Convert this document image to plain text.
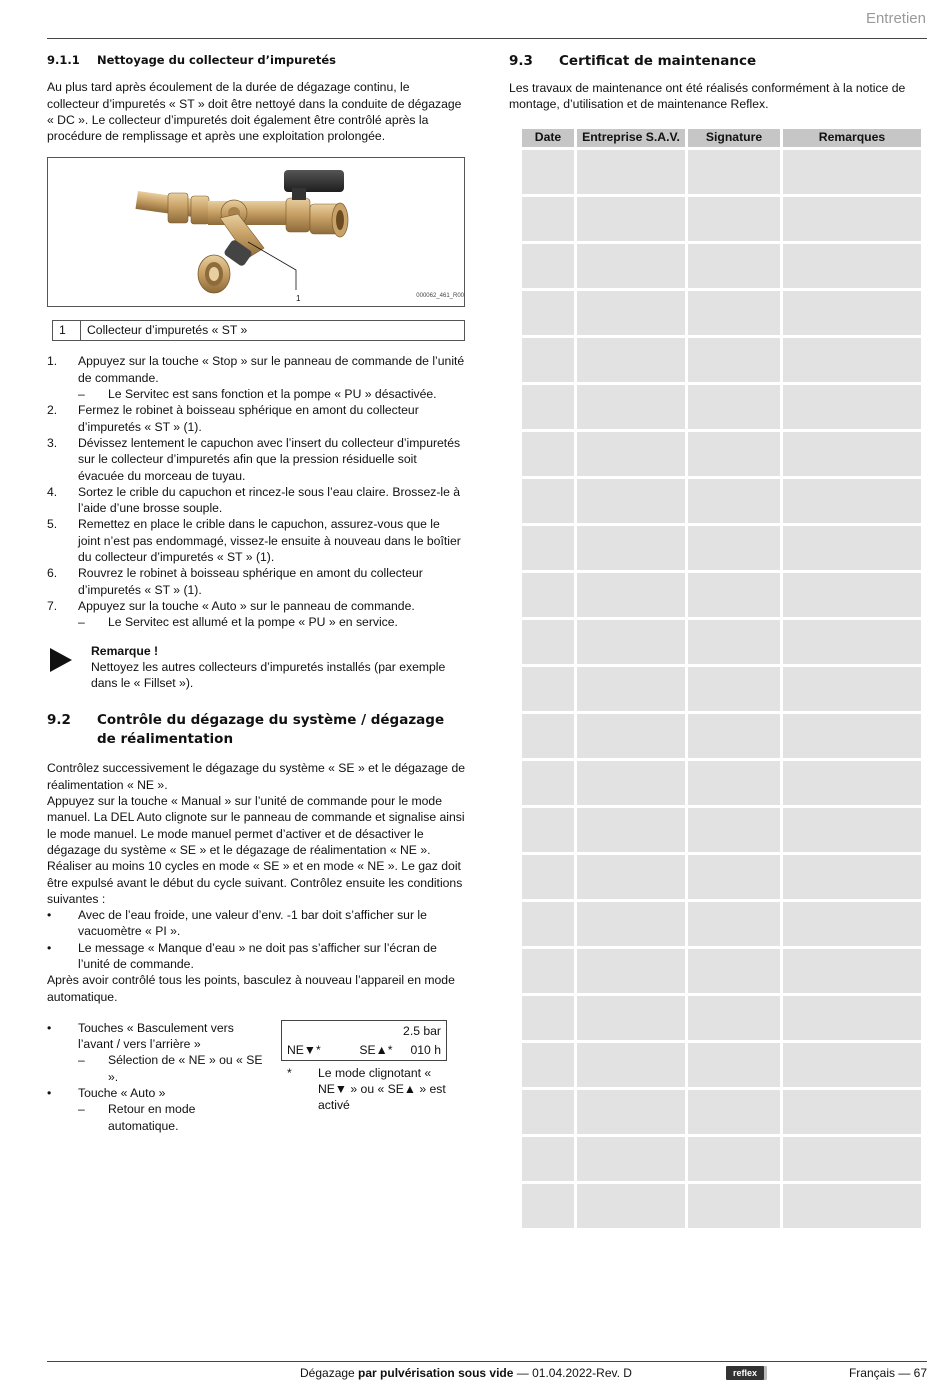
Entretien
9.1.1	Nettoyage du collecteur d’impuretés

Au plus tard après écoulement de la durée de dégazage continu, le collecteur d’impuretés « ST » doit être nettoyé dans la conduite de dégazage « DC ». Le collecteur d’impuretés doit également être contrôlé après la procédure de remplissage et après une exploitation prolongée.

1	000062_461_R00
1	Collecteur d’impuretés « ST »
1.	Appuyez sur la touche « Stop » sur le panneau de commande de l’unité de commande.
–	Le Servitec est sans fonction et la pompe « PU » désactivée.
2.	Fermez le robinet à boisseau sphérique en amont du collecteur d’impuretés « ST » (1).
3.	Dévissez lentement le capuchon avec l’insert du collecteur d’impuretés sur le collecteur d’impuretés afin que la pression résiduelle soit évacuée du morceau de tuyau.
4.	Sortez le crible du capuchon et rincez-le sous l’eau claire. Brossez-le à l’aide d’une brosse souple.
5.	Remettez en place le crible dans le capuchon, assurez-vous que le joint n’est pas endommagé, vissez-le ensuite à nouveau dans le boîtier du collecteur d’impuretés « ST » (1).
6.	Rouvrez le robinet à boisseau sphérique en amont du collecteur d’impuretés « ST » (1).
7.	Appuyez sur la touche « Auto » sur le panneau de commande.
–	Le Servitec est allumé et la pompe « PU » en service.
Remarque !
Nettoyez les autres collecteurs d’impuretés installés (par exemple dans le « Fillset »).
9.2	Contrôle du dégazage du système / dégazage de réalimentation

Contrôlez successivement le dégazage du système « SE » et le dégazage de réalimentation « NE ».

Appuyez sur la touche « Manual » sur l’unité de commande pour le mode manuel. La DEL Auto clignote sur le panneau de commande et signalise ainsi le mode manuel. Le mode manuel permet d’activer et de désactiver le dégazage du système « SE » et le dégazage de réalimentation « NE ».

Réaliser au moins 10 cycles en mode « SE » et en mode « NE ». Le gaz doit être expulsé avant le début du cycle suivant. Contrôlez ensuite les conditions suivantes :

•	Avec de l’eau froide, une valeur d’env. -1 bar doit s’afficher sur le vacuomètre « PI ».
•	Le message « Manque d’eau » ne doit pas s’afficher sur l’écran de l’unité de commande.

Après avoir contrôlé tous les points, basculez à nouveau l’appareil en mode automatique.

•	Touches « Basculement vers l’avant / vers l’arrière »
–	Sélection de « NE » ou « SE ».
•	Touche « Auto »
–	Retour en mode automatique.
2.5 bar
NE▼*	SE▲* 010 h
*	Le mode clignotant « NE▼ » ou « SE▲ » est activé
9.3	Certificat de maintenance

Les travaux de maintenance ont été réalisés conformément à la notice de montage, d’utilisation et de maintenance Reflex.

Date	Entreprise S.A.V.	Signature	Remarques

Dégazage par pulvérisation sous vide — 01.04.2022-Rev. D	reflex	Français — 67
